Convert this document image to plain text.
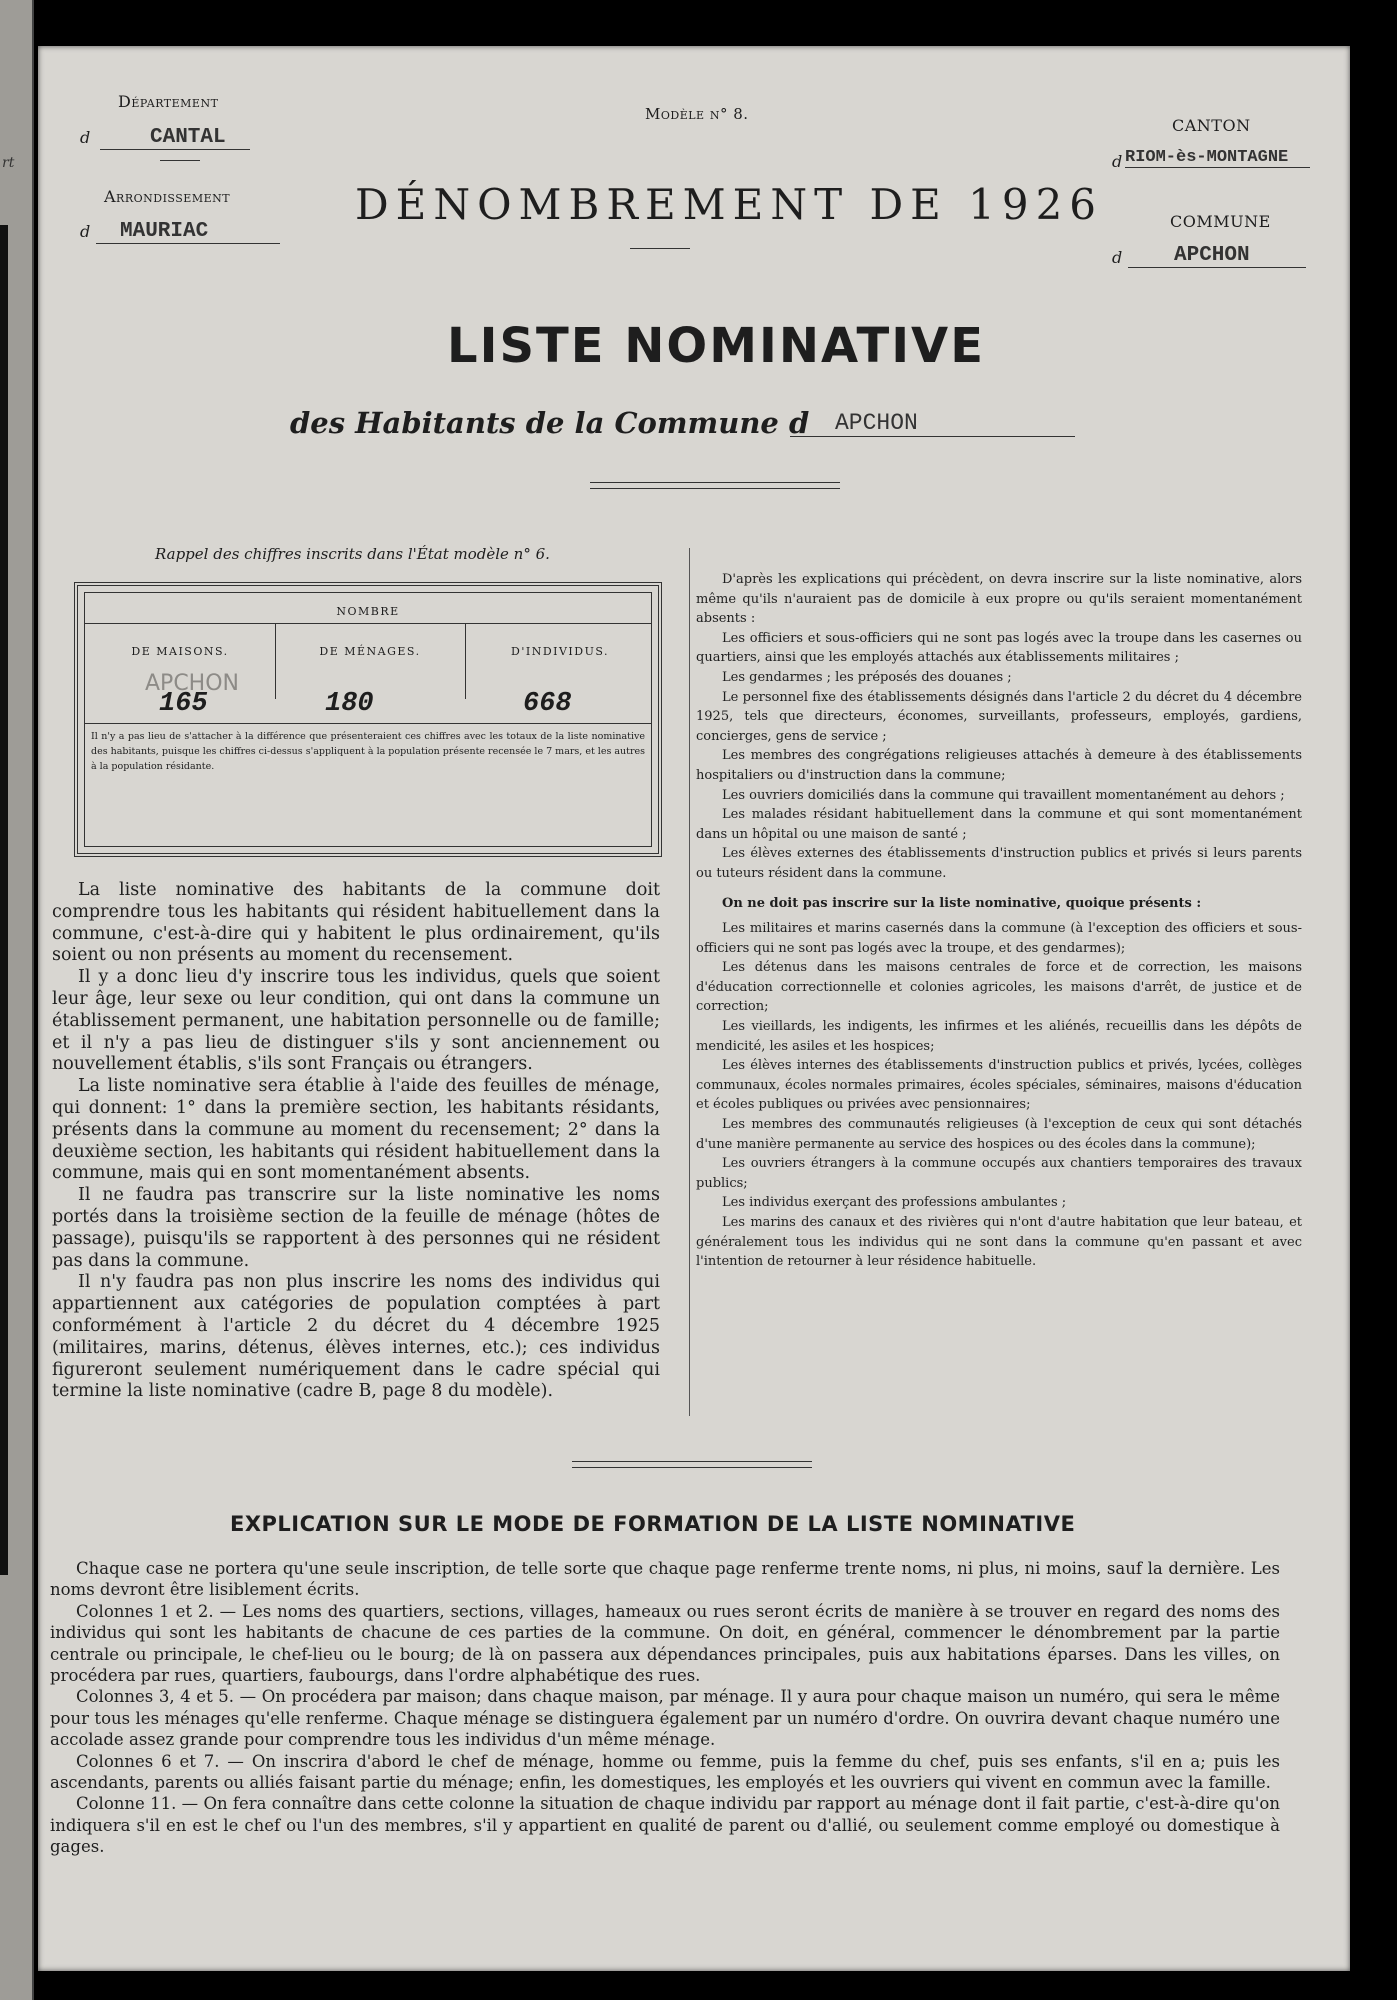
rt
Département
d	CANTAL
Arrondissement
d	MAURIAC
Modèle n° 8.
DÉNOMBREMENT DE 1926
CANTON
d RIOM-ès-MONTAGNE
COMMUNE
d	APCHON
LISTE NOMINATIVE
des Habitants de la Commune d	APCHON
Rappel des chiffres inscrits dans l'État modèle n° 6.
NOMBRE
DE MAISONS.	DE MÉNAGES.	D'INDIVIDUS.
APCHON
165	180	668
Il n'y a pas lieu de s'attacher à la différence que présenteraient ces chiffres avec les totaux de la liste nominative des habitants, puisque les chiffres ci-dessus s'appliquent à la population présente recensée le 7 mars, et les autres à la population résidante.

La liste nominative des habitants de la commune doit comprendre tous les habitants qui résident habituellement dans la commune, c'est-à-dire qui y habitent le plus ordinairement, qu'ils soient ou non présents au moment du recensement.

Il y a donc lieu d'y inscrire tous les individus, quels que soient leur âge, leur sexe ou leur condition, qui ont dans la commune un établissement permanent, une habitation personnelle ou de famille; et il n'y a pas lieu de distinguer s'ils y sont anciennement ou nouvellement établis, s'ils sont Français ou étrangers.

La liste nominative sera établie à l'aide des feuilles de ménage, qui donnent: 1° dans la première section, les habitants résidants, présents dans la commune au moment du recensement; 2° dans la deuxième section, les habitants qui résident habituellement dans la commune, mais qui en sont momentanément absents.

Il ne faudra pas transcrire sur la liste nominative les noms portés dans la troisième section de la feuille de ménage (hôtes de passage), puisqu'ils se rapportent à des personnes qui ne résident pas dans la commune.

Il n'y faudra pas non plus inscrire les noms des individus qui appartiennent aux catégories de population comptées à part conformément à l'article 2 du décret du 4 décembre 1925 (militaires, marins, détenus, élèves internes, etc.); ces individus figureront seulement numériquement dans le cadre spécial qui termine la liste nominative (cadre B, page 8 du modèle).

D'après les explications qui précèdent, on devra inscrire sur la liste nominative, alors même qu'ils n'auraient pas de domicile à eux propre ou qu'ils seraient momentanément absents :

Les officiers et sous-officiers qui ne sont pas logés avec la troupe dans les casernes ou quartiers, ainsi que les employés attachés aux établissements militaires ;

Les gendarmes ; les préposés des douanes ;

Le personnel fixe des établissements désignés dans l'article 2 du décret du 4 décembre 1925, tels que directeurs, économes, surveillants, professeurs, employés, gardiens, concierges, gens de service ;

Les membres des congrégations religieuses attachés à demeure à des établissements hospitaliers ou d'instruction dans la commune;

Les ouvriers domiciliés dans la commune qui travaillent momentanément au dehors ;

Les malades résidant habituellement dans la commune et qui sont momentanément dans un hôpital ou une maison de santé ;

Les élèves externes des établissements d'instruction publics et privés si leurs parents ou tuteurs résident dans la commune.

On ne doit pas inscrire sur la liste nominative, quoique présents :

Les militaires et marins casernés dans la commune (à l'exception des officiers et sous-officiers qui ne sont pas logés avec la troupe, et des gendarmes);

Les détenus dans les maisons centrales de force et de correction, les maisons d'éducation correctionnelle et colonies agricoles, les maisons d'arrêt, de justice et de correction;

Les vieillards, les indigents, les infirmes et les aliénés, recueillis dans les dépôts de mendicité, les asiles et les hospices;

Les élèves internes des établissements d'instruction publics et privés, lycées, collèges communaux, écoles normales primaires, écoles spéciales, séminaires, maisons d'éducation et écoles publiques ou privées avec pensionnaires;

Les membres des communautés religieuses (à l'exception de ceux qui sont détachés d'une manière permanente au service des hospices ou des écoles dans la commune);

Les ouvriers étrangers à la commune occupés aux chantiers temporaires des travaux publics;

Les individus exerçant des professions ambulantes ;

Les marins des canaux et des rivières qui n'ont d'autre habitation que leur bateau, et généralement tous les individus qui ne sont dans la commune qu'en passant et avec l'intention de retourner à leur résidence habituelle.

EXPLICATION SUR LE MODE DE FORMATION DE LA LISTE NOMINATIVE

Chaque case ne portera qu'une seule inscription, de telle sorte que chaque page renferme trente noms, ni plus, ni moins, sauf la dernière. Les noms devront être lisiblement écrits.

Colonnes 1 et 2. — Les noms des quartiers, sections, villages, hameaux ou rues seront écrits de manière à se trouver en regard des noms des individus qui sont les habitants de chacune de ces parties de la commune. On doit, en général, commencer le dénombrement par la partie centrale ou principale, le chef-lieu ou le bourg; de là on passera aux dépendances principales, puis aux habitations éparses. Dans les villes, on procédera par rues, quartiers, faubourgs, dans l'ordre alphabétique des rues.

Colonnes 3, 4 et 5. — On procédera par maison; dans chaque maison, par ménage. Il y aura pour chaque maison un numéro, qui sera le même pour tous les ménages qu'elle renferme. Chaque ménage se distinguera également par un numéro d'ordre. On ouvrira devant chaque numéro une accolade assez grande pour comprendre tous les individus d'un même ménage.

Colonnes 6 et 7. — On inscrira d'abord le chef de ménage, homme ou femme, puis la femme du chef, puis ses enfants, s'il en a; puis les ascendants, parents ou alliés faisant partie du ménage; enfin, les domestiques, les employés et les ouvriers qui vivent en commun avec la famille.

Colonne 11. — On fera connaître dans cette colonne la situation de chaque individu par rapport au ménage dont il fait partie, c'est-à-dire qu'on indiquera s'il en est le chef ou l'un des membres, s'il y appartient en qualité de parent ou d'allié, ou seulement comme employé ou domestique à gages.
